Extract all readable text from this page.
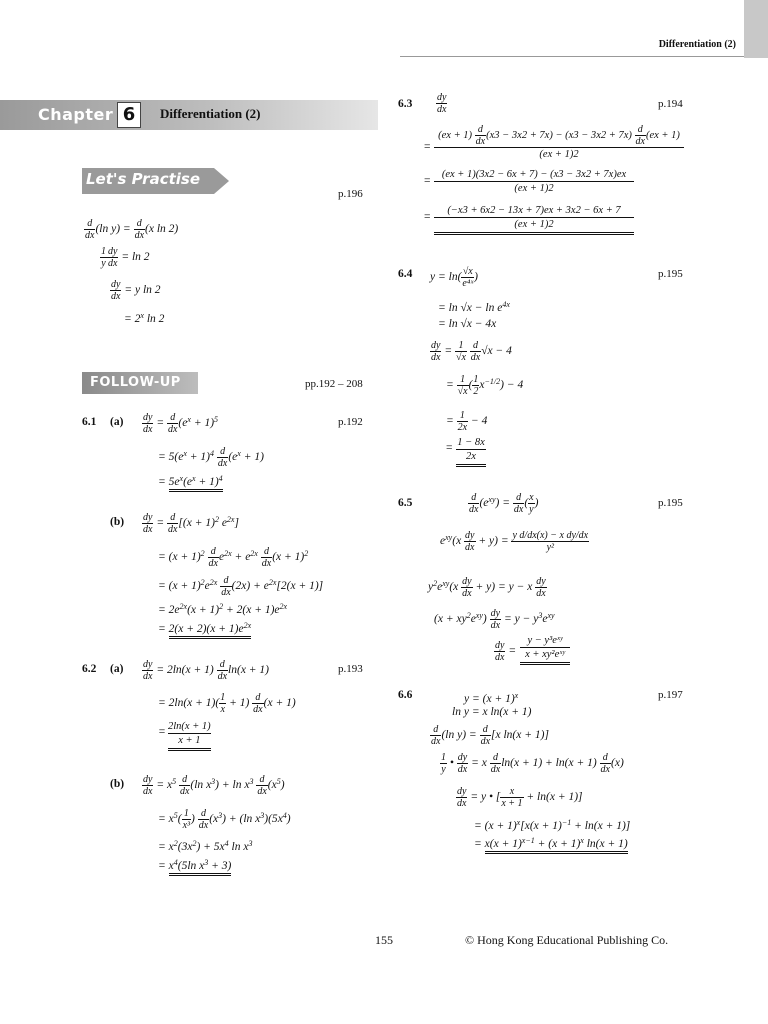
Differentiation (2)
Chapter 6	Differentiation (2)
Let's Practise
p.196
$\frac{d}{dx} (\ln$ $y) = \frac{d}{dx} (x$ ln 2)
$\frac{1}{y} \frac{dy}{dx} = \ln 2$
$\frac{dy}{dx} = y$ ln 2
= $2^x$ ln 2
FOLLOW-UP	pp.192 – 208
6.1 (a)	p.192
$\frac{dy}{dx} = \frac{d}{dx} (e^x + 1)^5$
= $5(e^x + 1)^4 \frac{d}{dx} (e^x + 1)$
= $5e^x(e^x + 1)^4$
$(b) \frac{dy}{dx} = \frac{d}{dx} [(x + 1)^2$ $e^{2x}$]
= $(x + 1)^2 \frac{d}{dx} e^{2x} + e^{2x} \frac{d}{dx} (x + 1)^2$
= $(x + 1)^2e^{2x} \frac{d}{dx} (2x) + e^{2x}[2(x + 1)]$
= $2e^{2x}(x + 1)^2 + 2(x + 1)e^{2x}$
= $2(x + 2)(x + 1)e^{2x}$
6.2 (a)	p.193
$\frac{dy}{dx} = 2\ln(x + 1) \frac{d}{dx} \ln(x + 1)$
= $2\ln(x + 1)( \frac{1}{x} + 1) \frac{d}{dx} (x + 1)$
= $\frac{2\ln(x + 1)}{x + 1}$
$(b) \frac{dy}{dx} = x^5 \frac{d}{dx} (\ln$ $x^3) + \ln x^3 \frac{d}{dx} (x^5)$
= $x^5( \frac{1}{\text{x³}}$ ) $\frac{d}{dx} (x^3) + (\ln$ $x^3)(5x^4)$
= $x^2(3x^2) + 5x^4$ $\ln x^3$
= $x^4(5\ln$ $x^3 + 3$)
6.3	p.194
$\frac{dy}{dx}$
=
$(ex + 1) \frac{d}{dx} (x3 - 3x2 + 7x) - (x3 - 3x2 + 7x) \frac{d}{dx} (ex + 1)$
(ex + 1)2
=
(ex + 1)(3x2 − 6x + 7) − (x3 − 3x2 + 7x)ex
(ex + 1)2
=
(−x3 + 6x2 − 13x + 7)ex + 3x2 − 6x + 7
(ex + 1)2
6.4	p.195
$y = \ln( \frac{√x}{\text{e⁴ˣ}}$ )
= $\ln √x - \ln e^{4x}$
= ln √x − 4x
$\frac{dy}{dx} = \frac{1}{√x}$
$\frac{d}{dx} √x - 4$
= $\frac{1}{√x}$ ( $\frac{1}{2} x^{-1/2}) - 4$
= $\frac{1}{2x} - 4$
= $\frac{1 - 8x}{2x}$
6.5	p.195
$\frac{d}{dx} (e^{xy}) = \frac{d}{dx}$ ( $\frac{x}{y}$ )
$e^{xy}(x \frac{dy}{dx} + y) = \frac{\text{y d/dx(x) − x dy/dx}}{\text{y²}}$
$y^2e^{xy}(x \frac{dy}{dx} + y) = y - x \frac{dy}{dx}$
$(x + xy^2e^{xy}) \frac{dy}{dx} = y - y^3e^{xy}$
$\frac{dy}{dx}$ =
y − y³eˣʸ
x + xy²eˣʸ
6.6	p.197
$y = (x + 1)^x$
ln y = x ln(x + 1)
$\frac{d}{dx} (\ln$ $y) = \frac{d}{dx} [x$ ln(x + 1)]
$\frac{1}{y}$ • $\frac{dy}{dx} = x \frac{d}{dx} \ln(x + 1) + \ln(x + 1) \frac{d}{dx} (x)$
$\frac{dy}{dx} = y$ • [ $\frac{x}{x + 1} + \ln(x + 1)$]
= $(x + 1)^x[x(x + 1)^{-1} + \ln(x + 1)]$
= $x(x + 1)^{x-1} + (x + 1)^x$ ln(x + 1)
155	© Hong Kong Educational Publishing Co.
